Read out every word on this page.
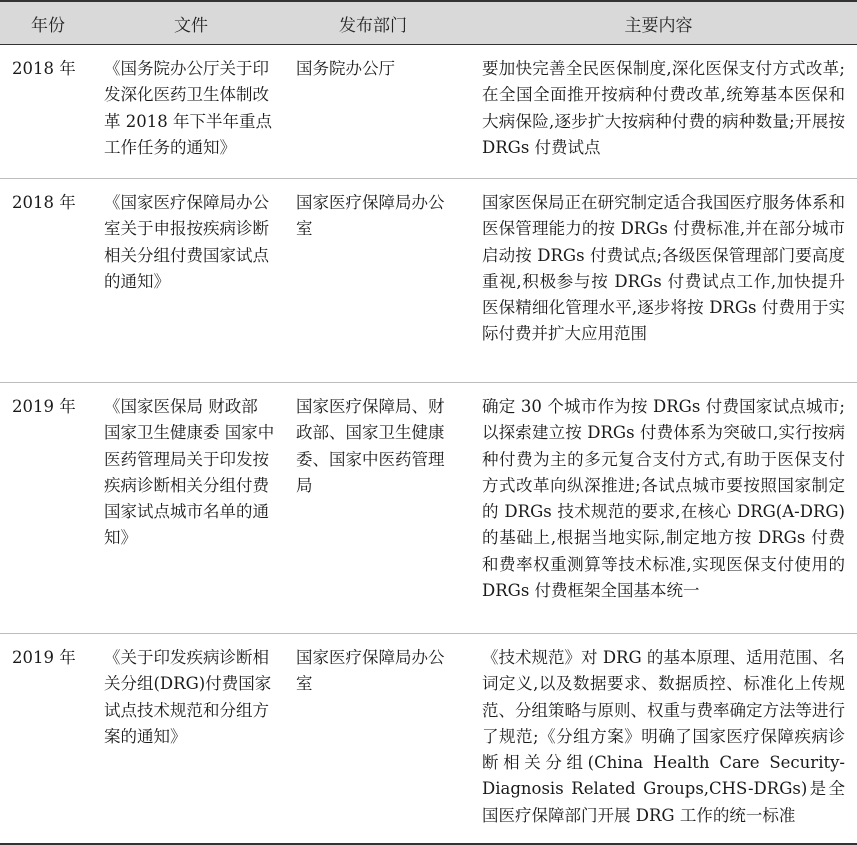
年份	文件	发布部门	主要内容

2018 年	《国务院办公厅关于印发深化医药卫生体制改革 2018 年下半年重点工作任务的通知》	国务院办公厅	要加快完善全民医保制度,深化医保支付方式改革;在全国全面推开按病种付费改革,统筹基本医保和大病保险,逐步扩大按病种付费的病种数量;开展按 DRGs 付费试点

2018 年	《国家医疗保障局办公室关于申报按疾病诊断相关分组付费国家试点的通知》	国家医疗保障局办公室	国家医保局正在研究制定适合我国医疗服务体系和医保管理能力的按 DRGs 付费标准,并在部分城市启动按 DRGs 付费试点;各级医保管理部门要高度重视,积极参与按 DRGs 付费试点工作,加快提升医保精细化管理水平,逐步将按 DRGs 付费用于实际付费并扩大应用范围

2019 年	《国家医保局 财政部 国家卫生健康委 国家中医药管理局关于印发按疾病诊断相关分组付费国家试点城市名单的通知》	国家医疗保障局、财政部、国家卫生健康委、国家中医药管理局	确定 30 个城市作为按 DRGs 付费国家试点城市;以探索建立按 DRGs 付费体系为突破口,实行按病种付费为主的多元复合支付方式,有助于医保支付方式改革向纵深推进;各试点城市要按照国家制定的 DRGs 技术规范的要求,在核心 DRG(A-DRG)的基础上,根据当地实际,制定地方按 DRGs 付费和费率权重测算等技术标准,实现医保支付使用的 DRGs 付费框架全国基本统一

2019 年	《关于印发疾病诊断相关分组(DRG)付费国家试点技术规范和分组方案的通知》	国家医疗保障局办公室	《技术规范》对 DRG 的基本原理、适用范围、名词定义,以及数据要求、数据质控、标准化上传规范、分组策略与原则、权重与费率确定方法等进行了规范;《分组方案》明确了国家医疗保障疾病诊断相关分组(China Health Care Security-Diagnosis Related Groups,CHS-DRGs)是全国医疗保障部门开展 DRG 工作的统一标准
